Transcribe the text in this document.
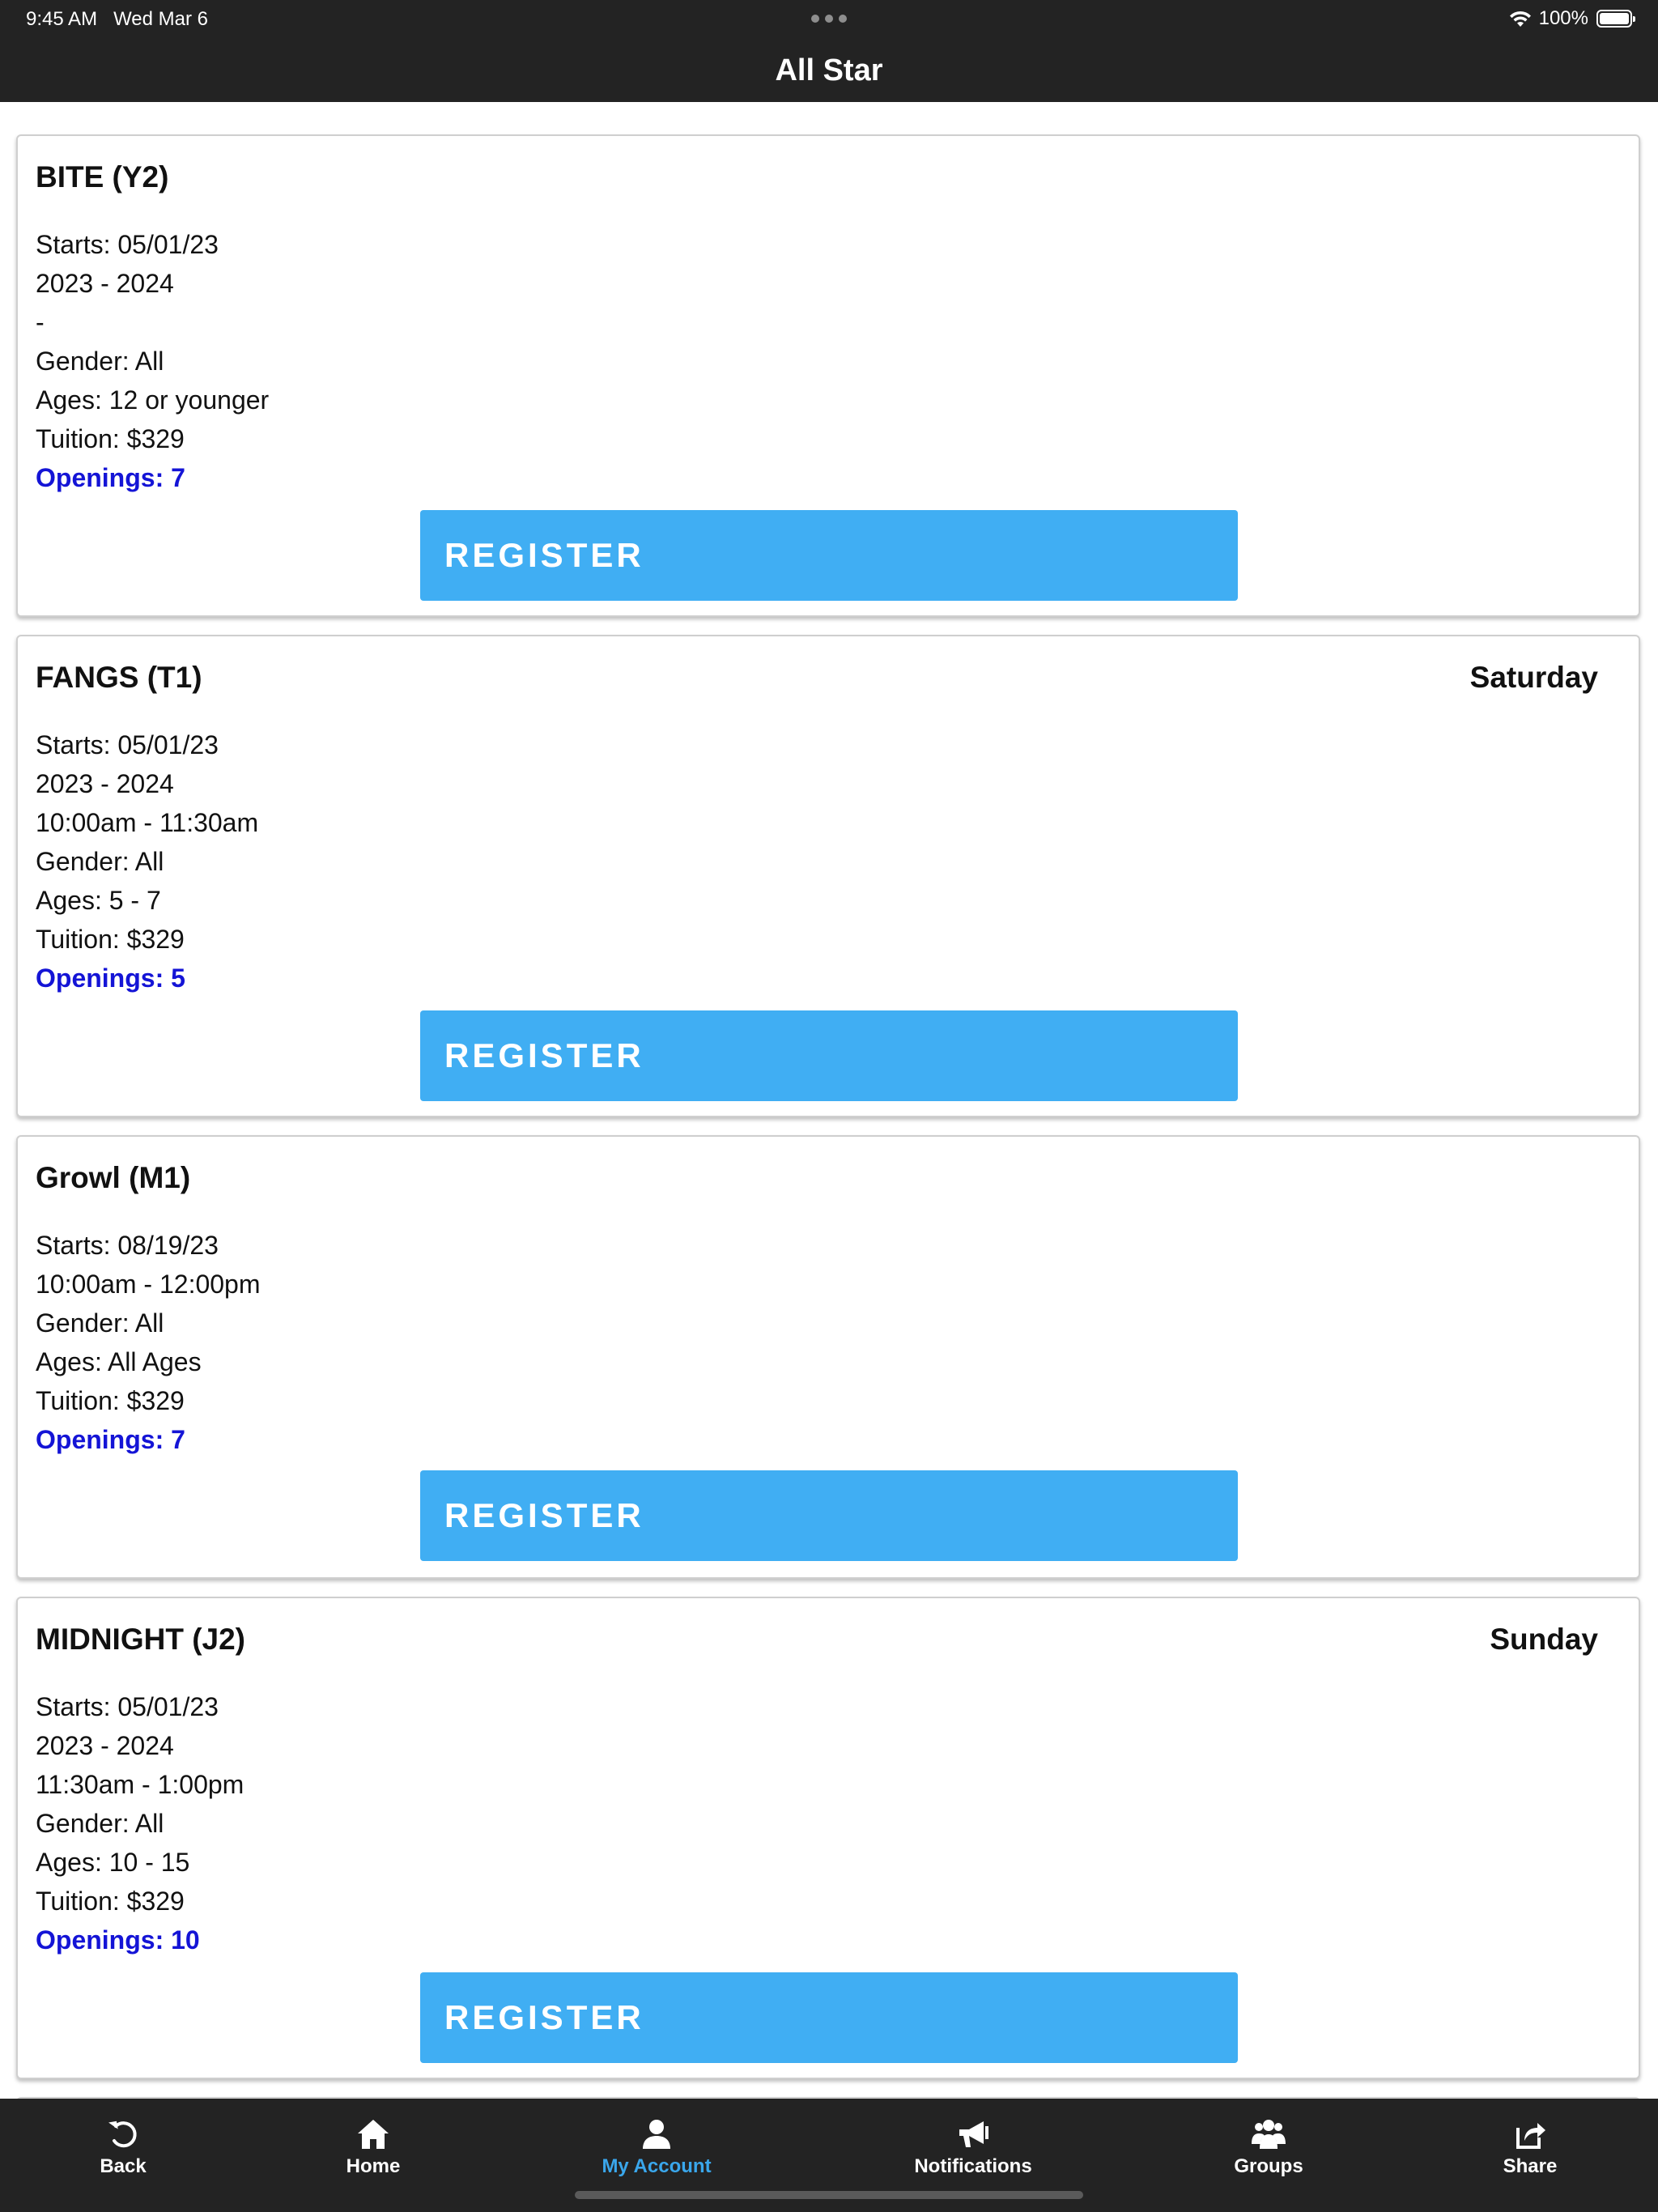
9:45 AM Wed Mar 6	100%
All Star
BITE (Y2)
Starts: 05/01/23
2023 - 2024
-
Gender: All
Ages: 12 or younger
Tuition: $329
Openings: 7
REGISTER
FANGS (T1)	Saturday
Starts: 05/01/23
2023 - 2024
10:00am - 11:30am
Gender: All
Ages: 5 - 7
Tuition: $329
Openings: 5
REGISTER
Growl (M1)
Starts: 08/19/23
10:00am - 12:00pm
Gender: All
Ages: All Ages
Tuition: $329
Openings: 7
REGISTER
MIDNIGHT (J2)	Sunday
Starts: 05/01/23
2023 - 2024
11:30am - 1:00pm
Gender: All
Ages: 10 - 15
Tuition: $329
Openings: 10
REGISTER
Back	Home	My Account	Notifications	Groups	Share
